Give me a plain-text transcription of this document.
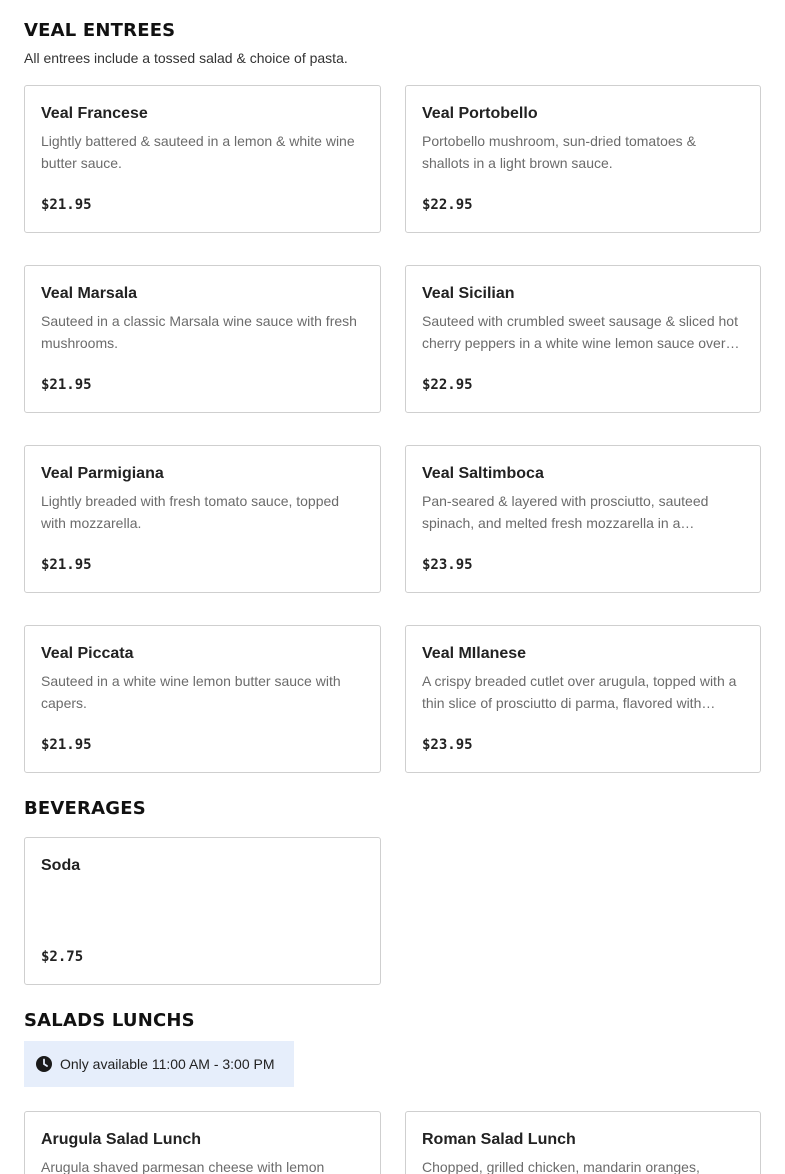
VEAL ENTREES
All entrees include a tossed salad & choice of pasta.
Veal Francese
Lightly battered & sauteed in a lemon & white wine butter sauce.
$21.95
Veal Portobello
Portobello mushroom, sun-dried tomatoes & shallots in a light brown sauce.
$22.95
Veal Marsala
Sauteed in a classic Marsala wine sauce with fresh mushrooms.
$21.95
Veal Sicilian
Sauteed with crumbled sweet sausage & sliced hot cherry peppers in a white wine lemon sauce over…
$22.95
Veal Parmigiana
Lightly breaded with fresh tomato sauce, topped with mozzarella.
$21.95
Veal Saltimboca
Pan-seared & layered with prosciutto, sauteed spinach, and melted fresh mozzarella in a…
$23.95
Veal Piccata
Sauteed in a white wine lemon butter sauce with capers.
$21.95
Veal MIlanese
A crispy breaded cutlet over arugula, topped with a thin slice of prosciutto di parma, flavored with…
$23.95
BEVERAGES
Soda
$2.75
SALADS LUNCHS
Only available 11:00 AM - 3:00 PM
Arugula Salad Lunch
Arugula shaved parmesan cheese with lemon
Roman Salad Lunch
Chopped, grilled chicken, mandarin oranges,
